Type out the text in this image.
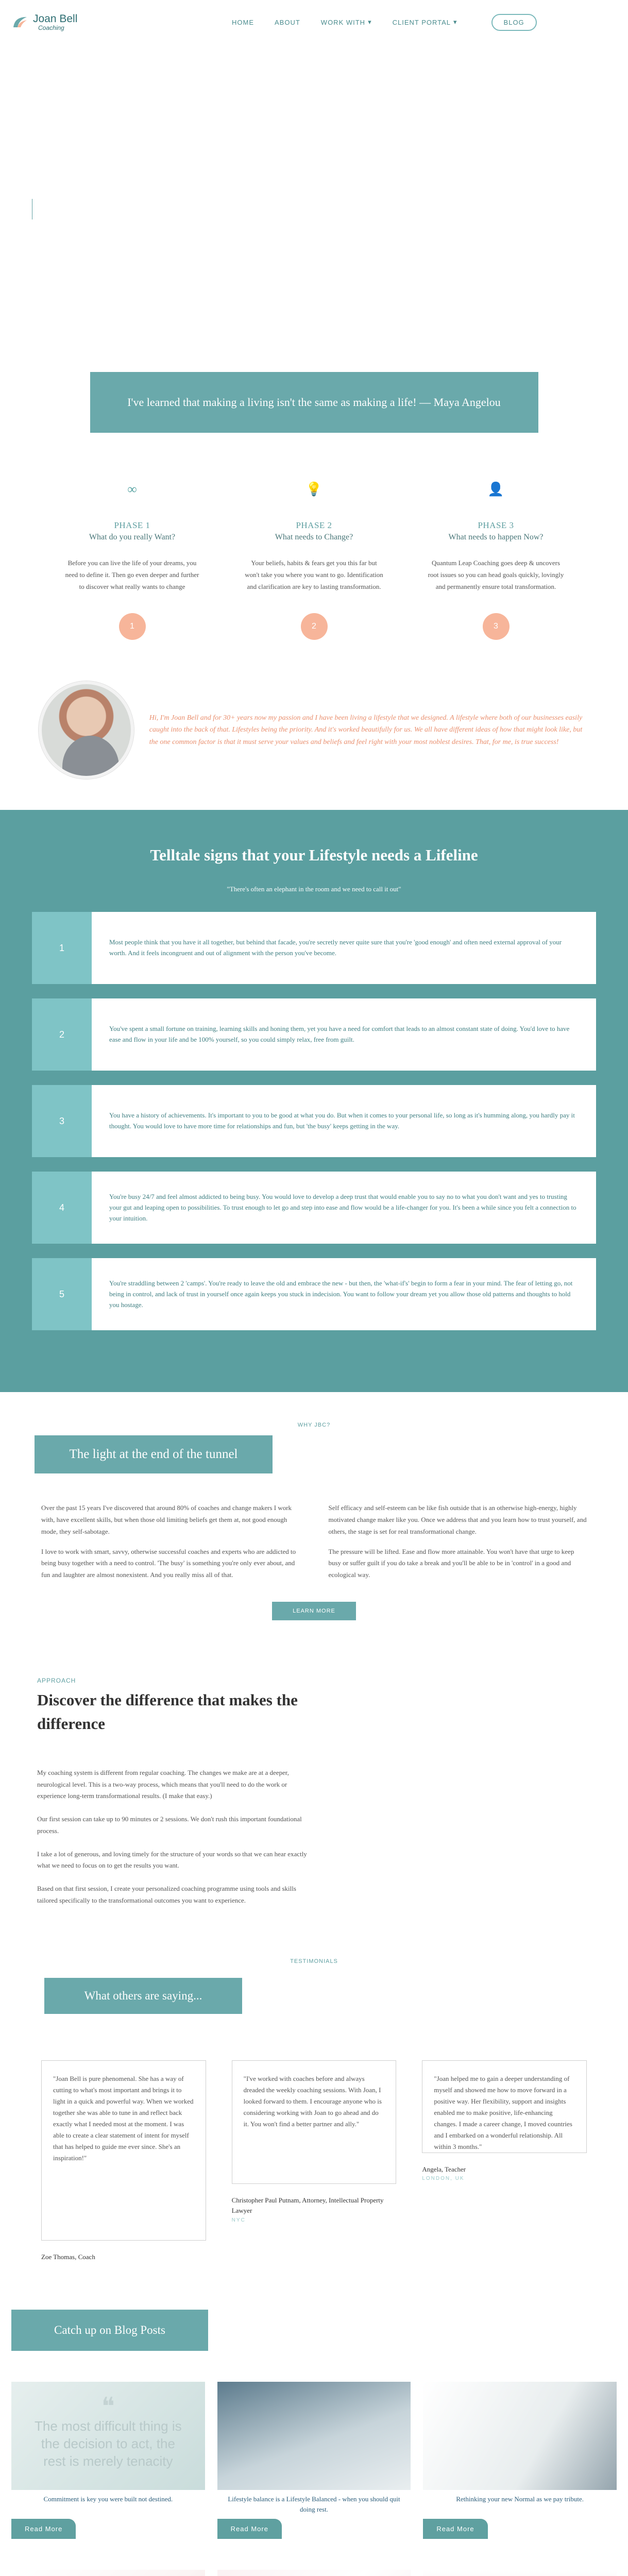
Joan Bell
Coaching
HOME	ABOUT	WORK WITH ▾	CLIENT PORTAL ▾	BLOG
I've learned that making a living isn't the same as making a life! — Maya Angelou
∞
PHASE 1
What do you really Want?
Before you can live the life of your dreams, you need to define it. Then go even deeper and further to discover what really wants to change
1
💡
PHASE 2
What needs to Change?
Your beliefs, habits & fears get you this far but won't take you where you want to go. Identification and clarification are key to lasting transformation.
2
👤
PHASE 3
What needs to happen Now?
Quantum Leap Coaching goes deep & uncovers root issues so you can head goals quickly, lovingly and permanently ensure total transformation.
3

Hi, I'm Joan Bell and for 30+ years now my passion and I have been living a lifestyle that we designed. A lifestyle where both of our businesses easily caught into the back of that. Lifestyles being the priority. And it's worked beautifully for us. We all have different ideas of how that might look like, but the one common factor is that it must serve your values and beliefs and feel right with your most noblest desires. That, for me, is true success!

Telltale signs that your Lifestyle needs a Lifeline

"There's often an elephant in the room and we need to call it out"

1
Most people think that you have it all together, but behind that facade, you're secretly never quite sure that you're 'good enough' and often need external approval of your worth. And it feels incongruent and out of alignment with the person you've become.
2
You've spent a small fortune on training, learning skills and honing them, yet you have a need for comfort that leads to an almost constant state of doing. You'd love to have ease and flow in your life and be 100% yourself, so you could simply relax, free from guilt.
3
You have a history of achievements. It's important to you to be good at what you do. But when it comes to your personal life, so long as it's humming along, you hardly pay it thought. You would love to have more time for relationships and fun, but 'the busy' keeps getting in the way.
4
You're busy 24/7 and feel almost addicted to being busy. You would love to develop a deep trust that would enable you to say no to what you don't want and yes to trusting your gut and leaping open to possibilities. To trust enough to let go and step into ease and flow would be a life-changer for you. It's been a while since you felt a connection to your intuition.
5
You're straddling between 2 'camps'. You're ready to leave the old and embrace the new - but then, the 'what-if's' begin to form a fear in your mind. The fear of letting go, not being in control, and lack of trust in yourself once again keeps you stuck in indecision. You want to follow your dream yet you allow those old patterns and thoughts to hold you hostage.
WHY JBC?
The light at the end of the tunnel

Over the past 15 years I've discovered that around 80% of coaches and change makers I work with, have excellent skills, but when those old limiting beliefs get them at, not good enough mode, they self-sabotage.

I love to work with smart, savvy, otherwise successful coaches and experts who are addicted to being busy together with a need to control. 'The busy' is something you're only ever about, and fun and laughter are almost nonexistent. And you really miss all of that.

Self efficacy and self-esteem can be like fish outside that is an otherwise high-energy, highly motivated change maker like you. Once we address that and you learn how to trust yourself, and others, the stage is set for real transformational change.

The pressure will be lifted. Ease and flow more attainable. You won't have that urge to keep busy or suffer guilt if you do take a break and you'll be able to be in 'control' in a good and ecological way.

LEARN MORE
APPROACH
Discover the difference that makes the difference

My coaching system is different from regular coaching. The changes we make are at a deeper, neurological level. This is a two-way process, which means that you'll need to do the work or experience long-term transformational results. (I make that easy.)

Our first session can take up to 90 minutes or 2 sessions. We don't rush this important foundational process.

I take a lot of generous, and loving timely for the structure of your words so that we can hear exactly what we need to focus on to get the results you want.

Based on that first session, I create your personalized coaching programme using tools and skills tailored specifically to the transformational outcomes you want to experience.

TESTIMONIALS
What others are saying...
"Joan Bell is pure phenomenal. She has a way of cutting to what's most important and brings it to light in a quick and powerful way. When we worked together she was able to tune in and reflect back exactly what I needed most at the moment. I was able to create a clear statement of intent for myself that has helped to guide me ever since. She's an inspiration!"
Zoe Thomas, Coach
"I've worked with coaches before and always dreaded the weekly coaching sessions. With Joan, I looked forward to them. I encourage anyone who is considering working with Joan to go ahead and do it. You won't find a better partner and ally."
Christopher Paul Putnam, Attorney, Intellectual Property Lawyer
NYC
"Joan helped me to gain a deeper understanding of myself and showed me how to move forward in a positive way. Her flexibility, support and insights enabled me to make positive, life-enhancing changes. I made a career change, I moved countries and I embarked on a wonderful relationship. All within 3 months."
Angela, Teacher
LONDON, UK
Catch up on Blog Posts
❝
The most difficult thing is the decision to act, the rest is merely tenacity
Commitment is key you were built not destined.
Read More
Lifestyle balance is a Lifestyle Balanced - when you should quit doing rest.
Read More
Rethinking your new Normal as we pay tribute.
Read More
